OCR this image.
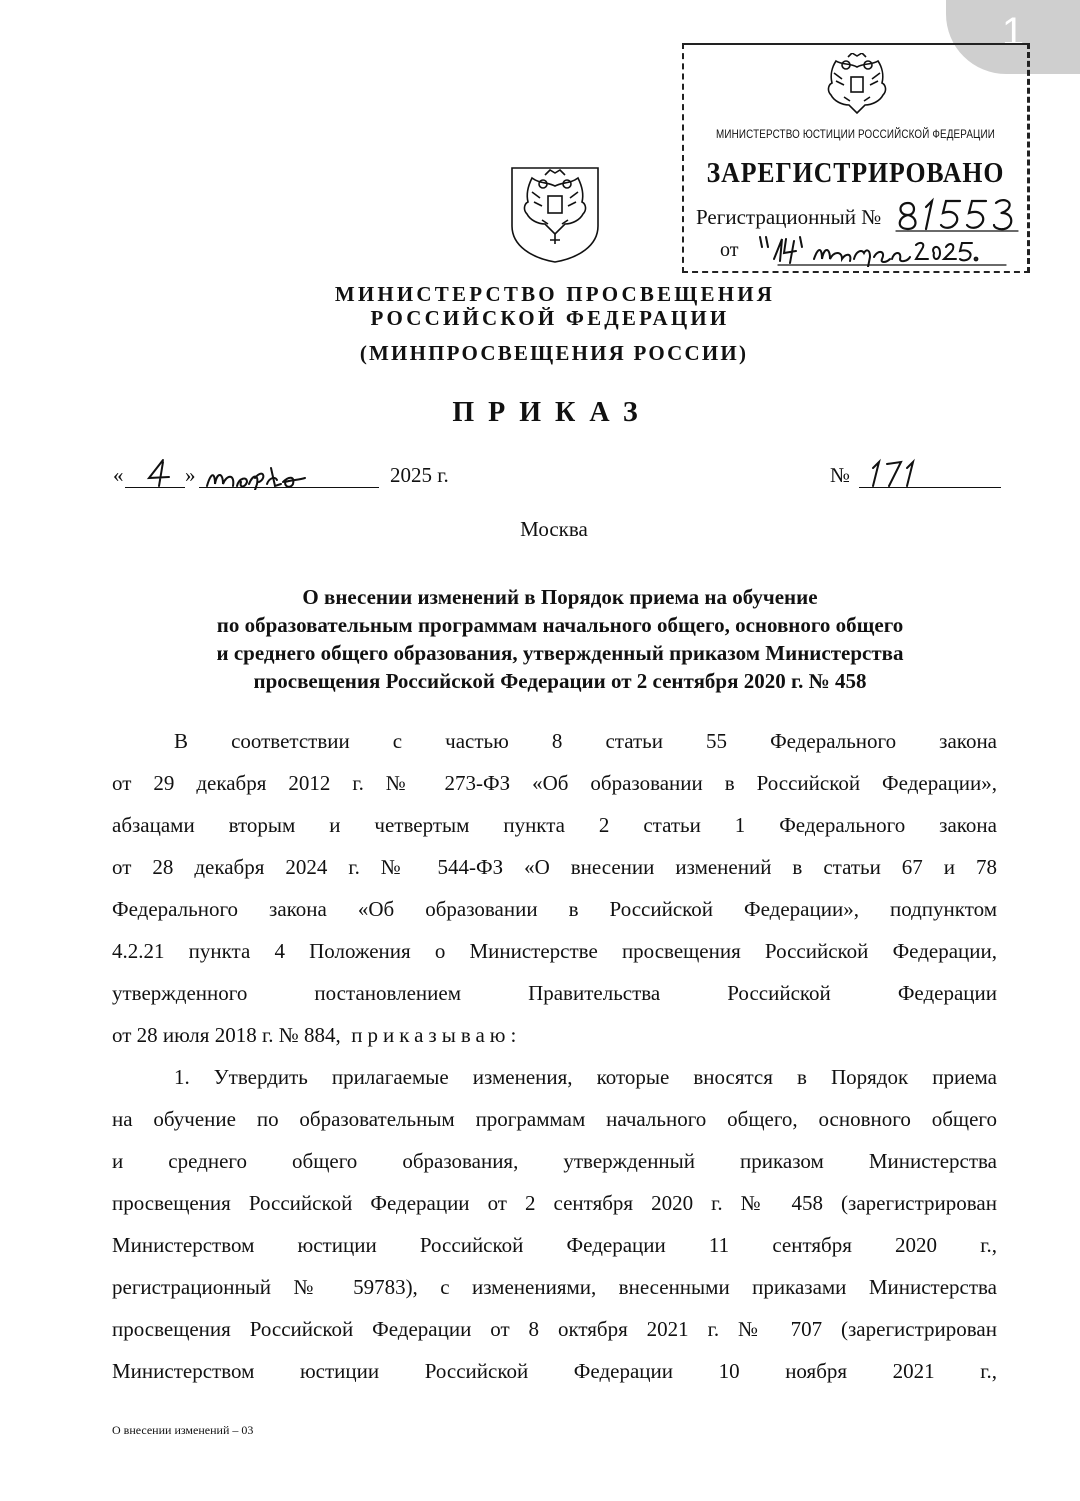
1
МИНИСТЕРСТВО ЮСТИЦИИ РОССИЙСКОЙ ФЕДЕРАЦИИ
ЗАРЕГИСТРИРОВАНО
Регистрационный №
от
МИНИСТЕРСТВО ПРОСВЕЩЕНИЯ
РОССИЙСКОЙ ФЕДЕРАЦИИ
(МИНПРОСВЕЩЕНИЯ РОССИИ)
ПРИКАЗ
«	»	2025 г.	№
Москва
О внесении изменений в Порядок приема на обучение
по образовательным программам начального общего, основного общего
и среднего общего образования, утвержденный приказом Министерства
просвещения Российской Федерации от 2 сентября 2020 г. № 458
В соответствии с частью 8 статьи 55 Федерального закона
от 29 декабря 2012 г. № 273-ФЗ «Об образовании в Российской Федерации»,
абзацами вторым и четвертым пункта 2 статьи 1 Федерального закона
от 28 декабря 2024 г. № 544-ФЗ «О внесении изменений в статьи 67 и 78
Федерального закона «Об образовании в Российской Федерации», подпунктом
4.2.21 пункта 4 Положения о Министерстве просвещения Российской Федерации,
утвержденного постановлением Правительства Российской Федерации
от 28 июля 2018 г. № 884, приказываю:
1. Утвердить прилагаемые изменения, которые вносятся в Порядок приема
на обучение по образовательным программам начального общего, основного общего
и среднего общего образования, утвержденный приказом Министерства
просвещения Российской Федерации от 2 сентября 2020 г. № 458 (зарегистрирован
Министерством юстиции Российской Федерации 11 сентября 2020 г.,
регистрационный № 59783), с изменениями, внесенными приказами Министерства
просвещения Российской Федерации от 8 октября 2021 г. № 707 (зарегистрирован
Министерством юстиции Российской Федерации 10 ноября 2021 г.,
О внесении изменений – 03
